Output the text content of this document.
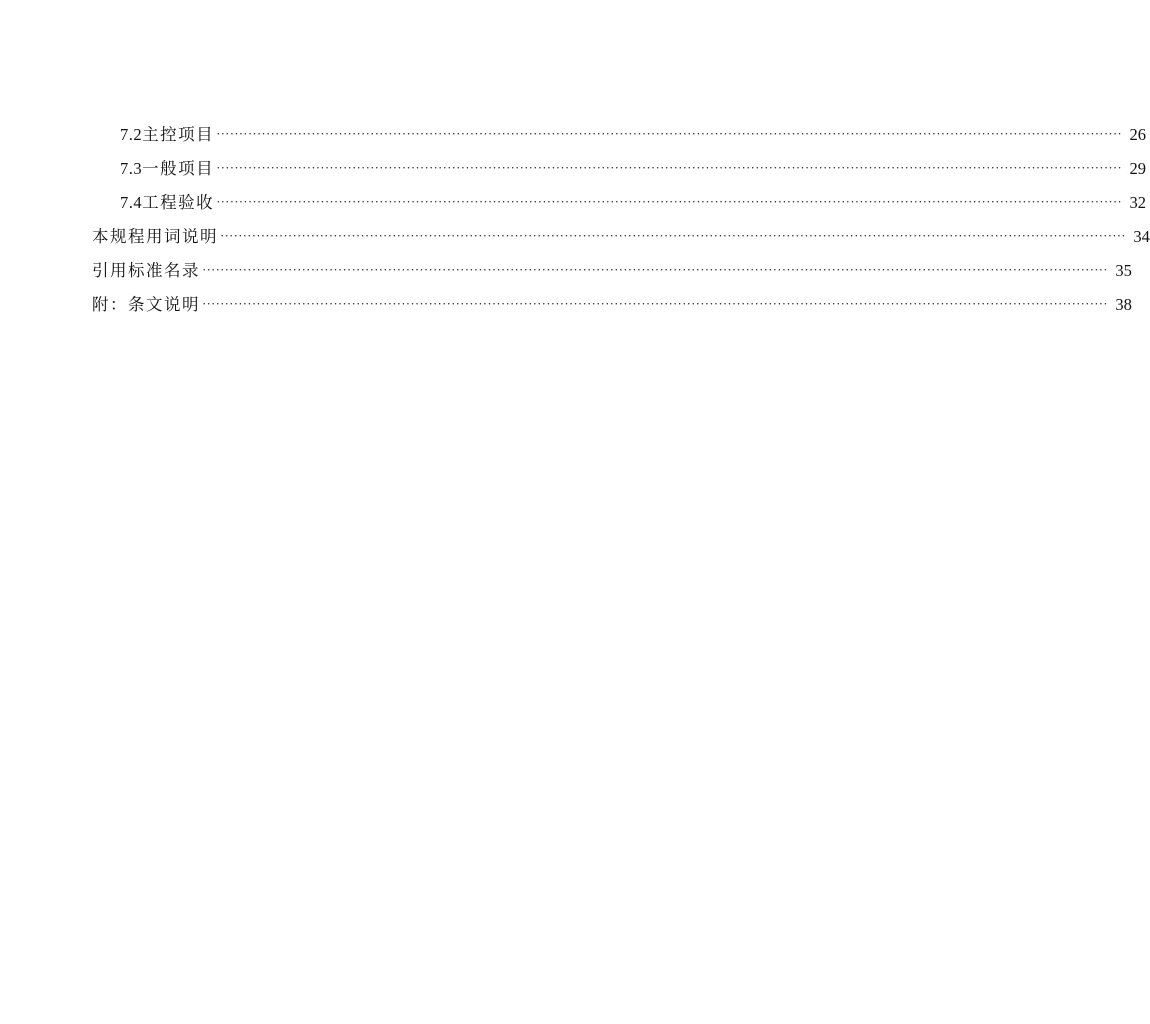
7.2 主控项目 ········································································································································································································ 26
7.3 一般项目 ········································································································································································································ 29
7.4 工程验收 ········································································································································································································ 32
本规程用词说明 ········································································································································································································ 34
引用标准名录 ········································································································································································································ 35
附：条文说明 ········································································································································································································ 38
